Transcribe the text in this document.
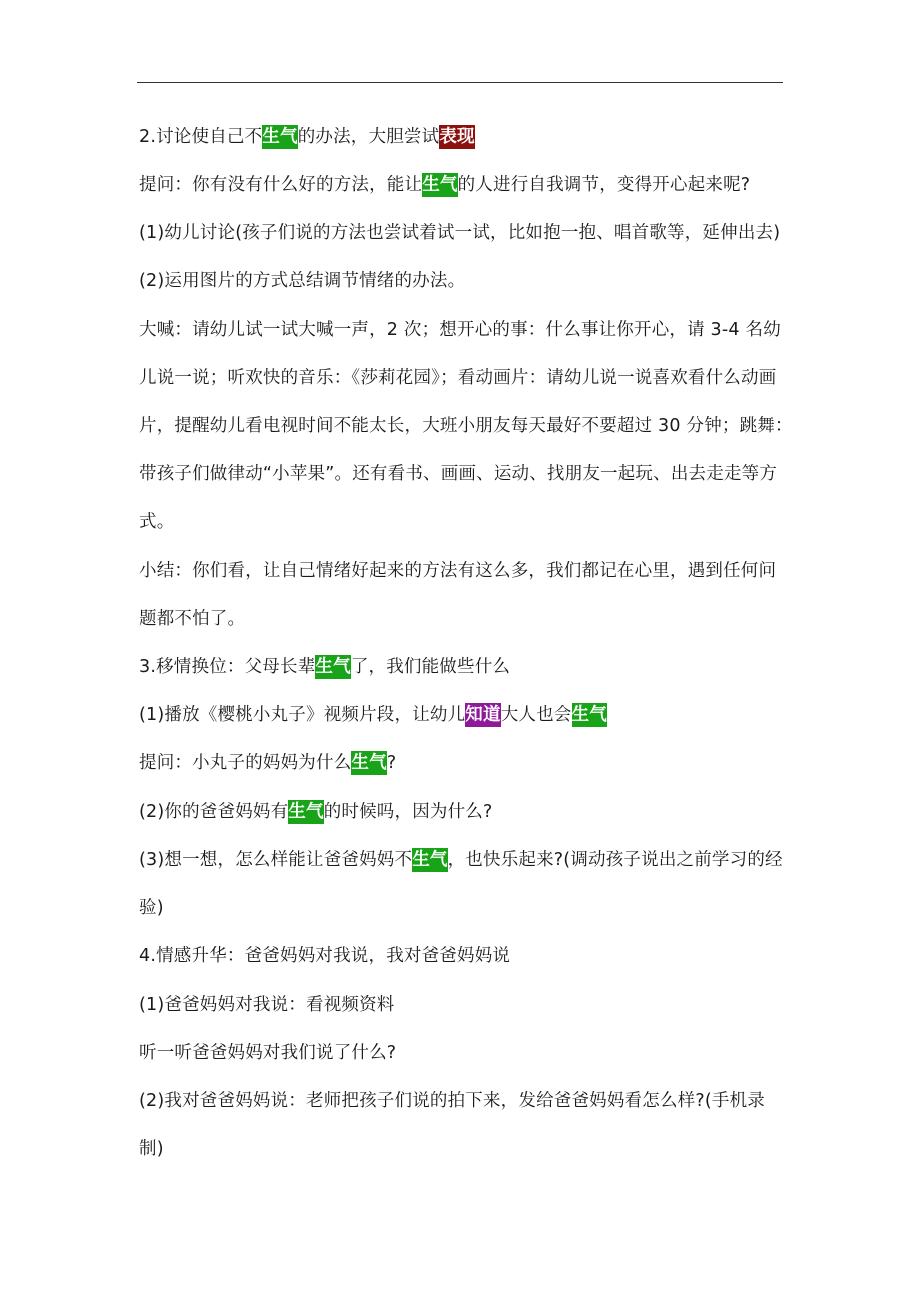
2.讨论使自己不生气的办法，大胆尝试表现
提问：你有没有什么好的方法，能让生气的人进行自我调节，变得开心起来呢?
(1)幼儿讨论(孩子们说的方法也尝试着试一试，比如抱一抱、唱首歌等，延伸出去)
(2)运用图片的方式总结调节情绪的办法。
大喊：请幼儿试一试大喊一声，2 次；想开心的事：什么事让你开心，请 3-4 名幼
儿说一说；听欢快的音乐：《莎莉花园》；看动画片：请幼儿说一说喜欢看什么动画
片，提醒幼儿看电视时间不能太长，大班小朋友每天最好不要超过 30 分钟；跳舞：
带孩子们做律动“小苹果”。还有看书、画画、运动、找朋友一起玩、出去走走等方
式。
小结：你们看，让自己情绪好起来的方法有这么多，我们都记在心里，遇到任何问
题都不怕了。
3.移情换位：父母长辈生气了，我们能做些什么
(1)播放《樱桃小丸子》视频片段，让幼儿知道大人也会生气
提问：小丸子的妈妈为什么生气?
(2)你的爸爸妈妈有生气的时候吗，因为什么?
(3)想一想，怎么样能让爸爸妈妈不生气，也快乐起来?(调动孩子说出之前学习的经
验)
4.情感升华：爸爸妈妈对我说，我对爸爸妈妈说
(1)爸爸妈妈对我说：看视频资料
听一听爸爸妈妈对我们说了什么?
(2)我对爸爸妈妈说：老师把孩子们说的拍下来，发给爸爸妈妈看怎么样?(手机录
制)
